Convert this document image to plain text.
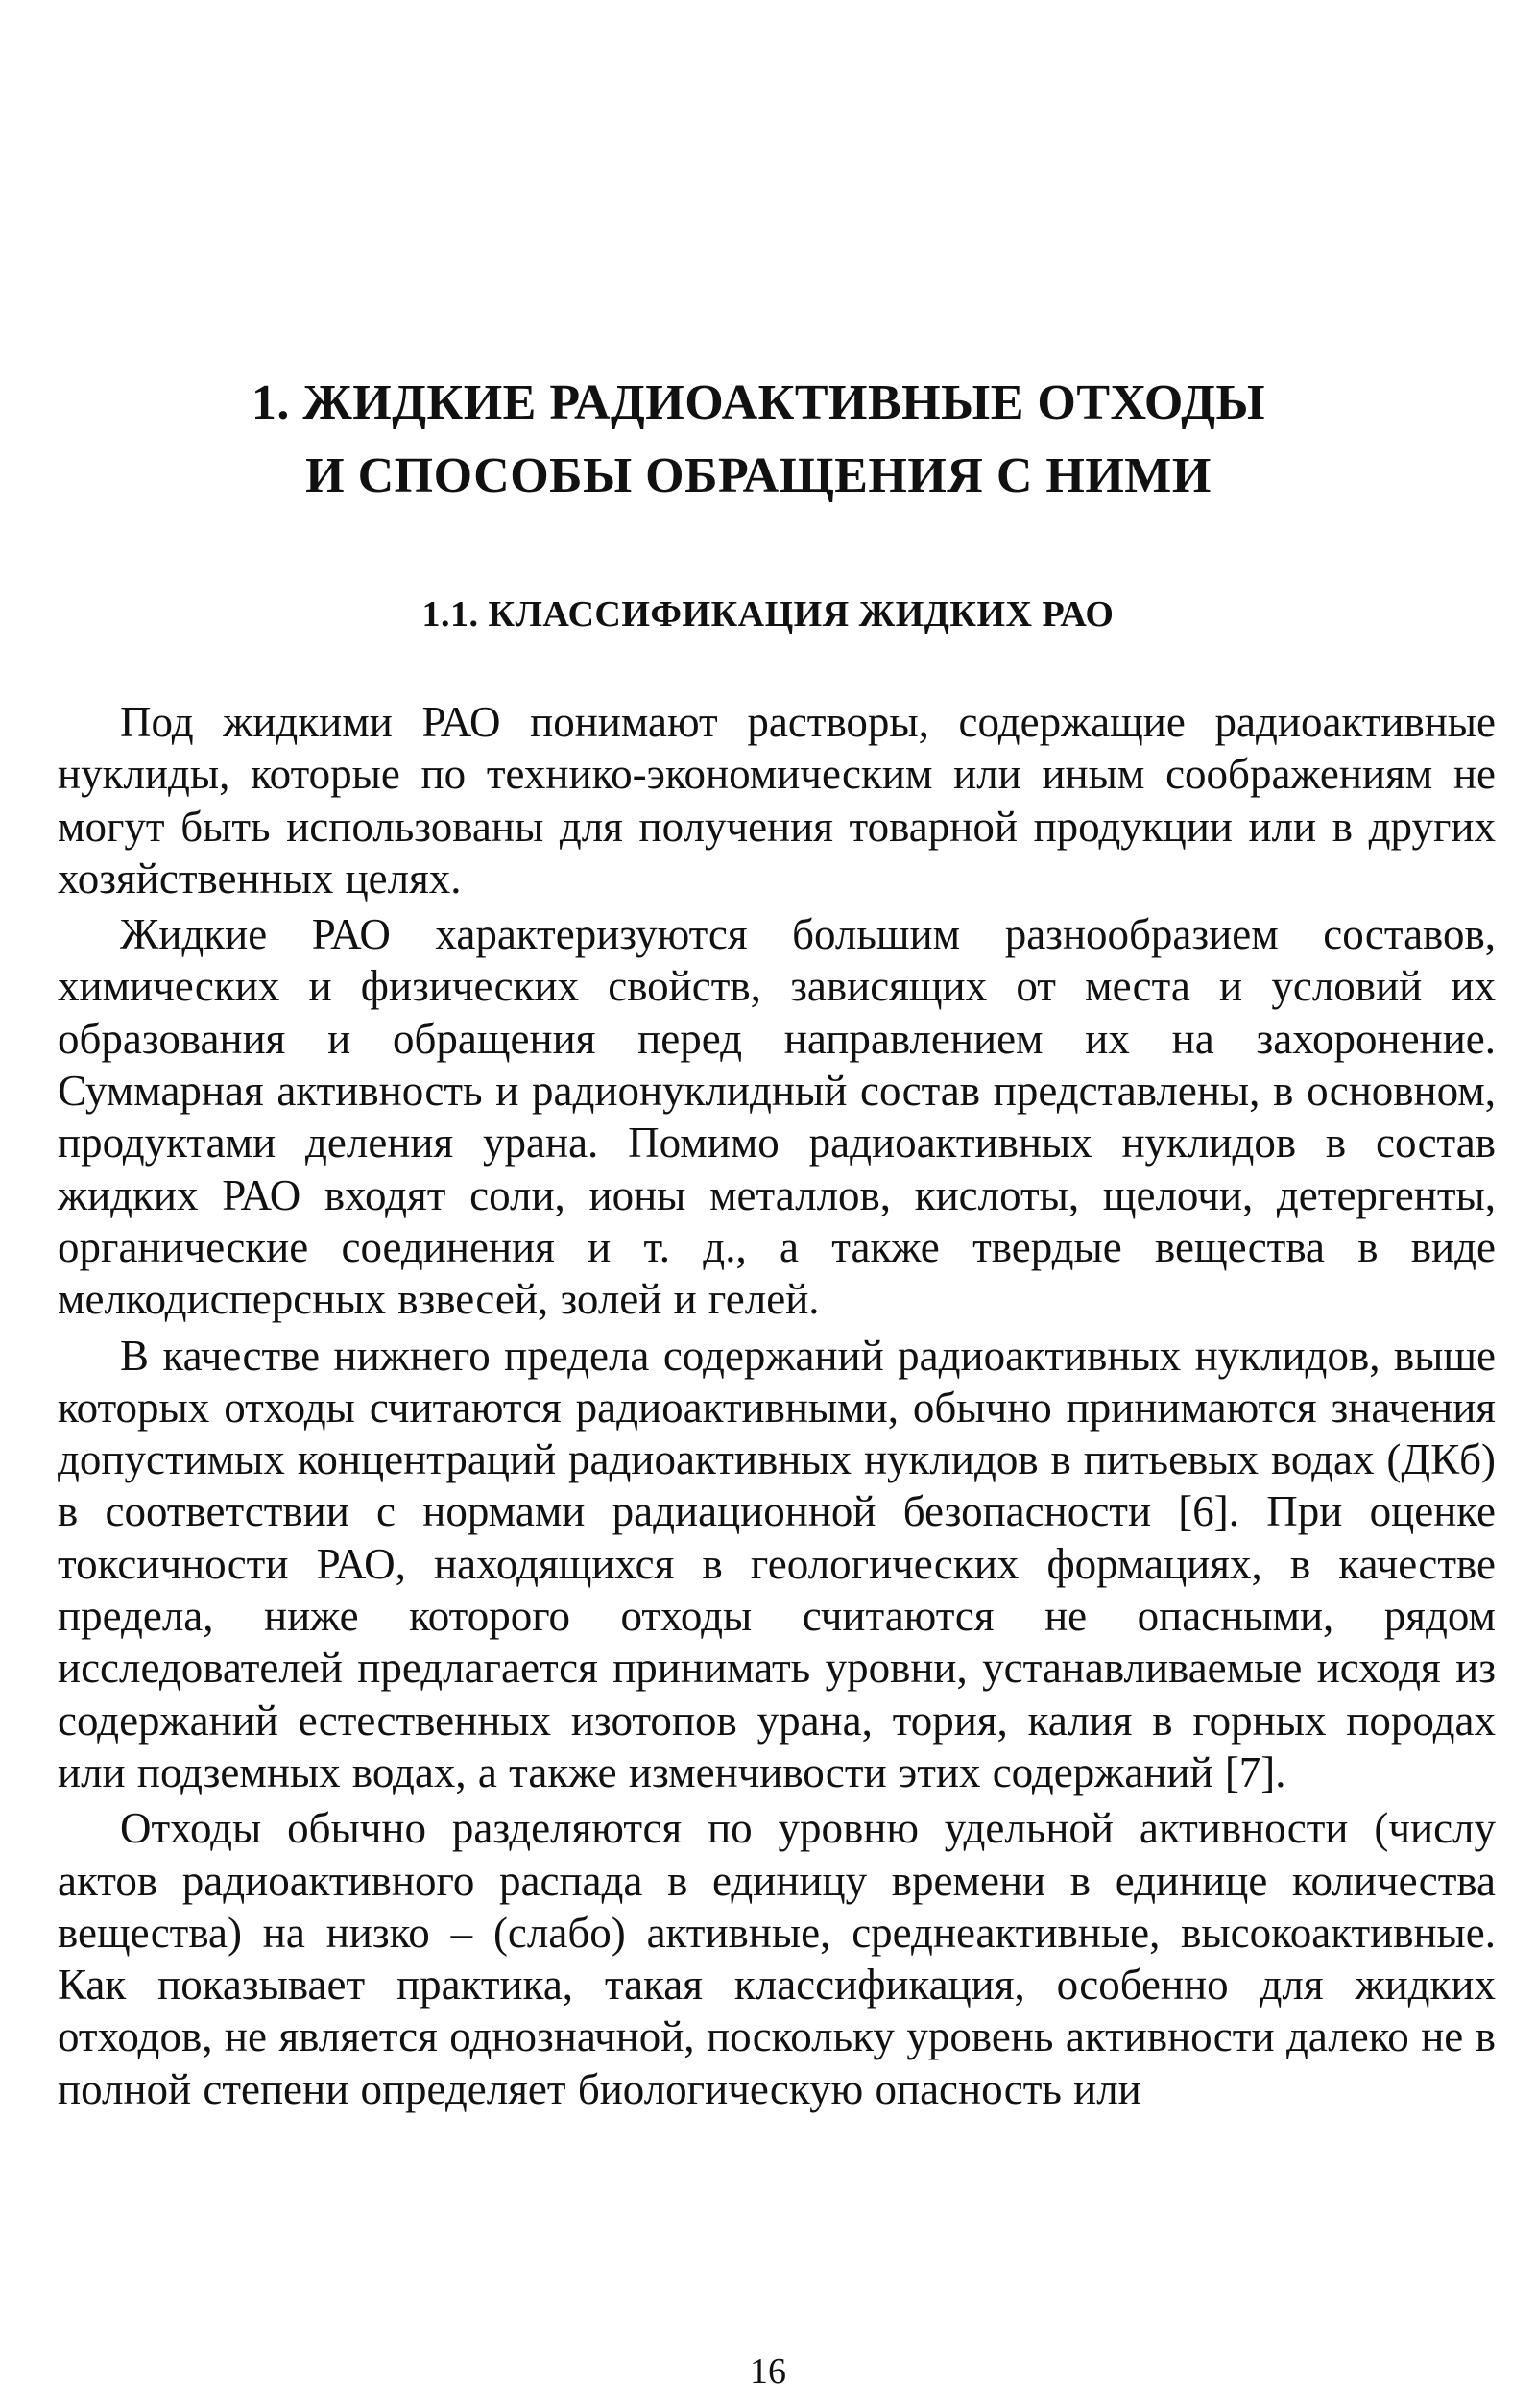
1. ЖИДКИЕ РАДИОАКТИВНЫЕ ОТХОДЫ
И СПОСОБЫ ОБРАЩЕНИЯ С НИМИ
1.1. КЛАССИФИКАЦИЯ ЖИДКИХ РАО

Под жидкими РАО понимают растворы, содержащие радиоактивные нуклиды, которые по технико-экономическим или иным соображениям не могут быть использованы для получения товарной продукции или в других хозяйственных целях.

Жидкие РАО характеризуются большим разнообразием составов, химических и физических свойств, зависящих от места и условий их образования и обращения перед направлением их на захоронение. Суммарная активность и радионуклидный состав представлены, в основном, продуктами деления урана. Помимо радиоактивных нуклидов в состав жидких РАО входят соли, ионы металлов, кислоты, щелочи, детергенты, органические соединения и т. д., а также твердые вещества в виде мелкодисперсных взвесей, золей и гелей.

В качестве нижнего предела содержаний радиоактивных нуклидов, выше которых отходы считаются радиоактивными, обычно принимаются значения допустимых концентраций радиоактивных нуклидов в питьевых водах (ДКб) в соответствии с нормами радиационной безопасности [6]. При оценке токсичности РАО, находящихся в геологических формациях, в качестве предела, ниже которого отходы считаются не опасными, рядом исследователей предлагается принимать уровни, устанавливаемые исходя из содержаний естественных изотопов урана, тория, калия в горных породах или подземных водах, а также изменчивости этих содержаний [7].

Отходы обычно разделяются по уровню удельной активности (числу актов радиоактивного распада в единицу времени в единице количества вещества) на низко – (слабо) активные, среднеактивные, высокоактивные. Как показывает практика, такая классификация, особенно для жидких отходов, не является однозначной, поскольку уровень активности далеко не в полной степени определяет биологическую опасность или

16
